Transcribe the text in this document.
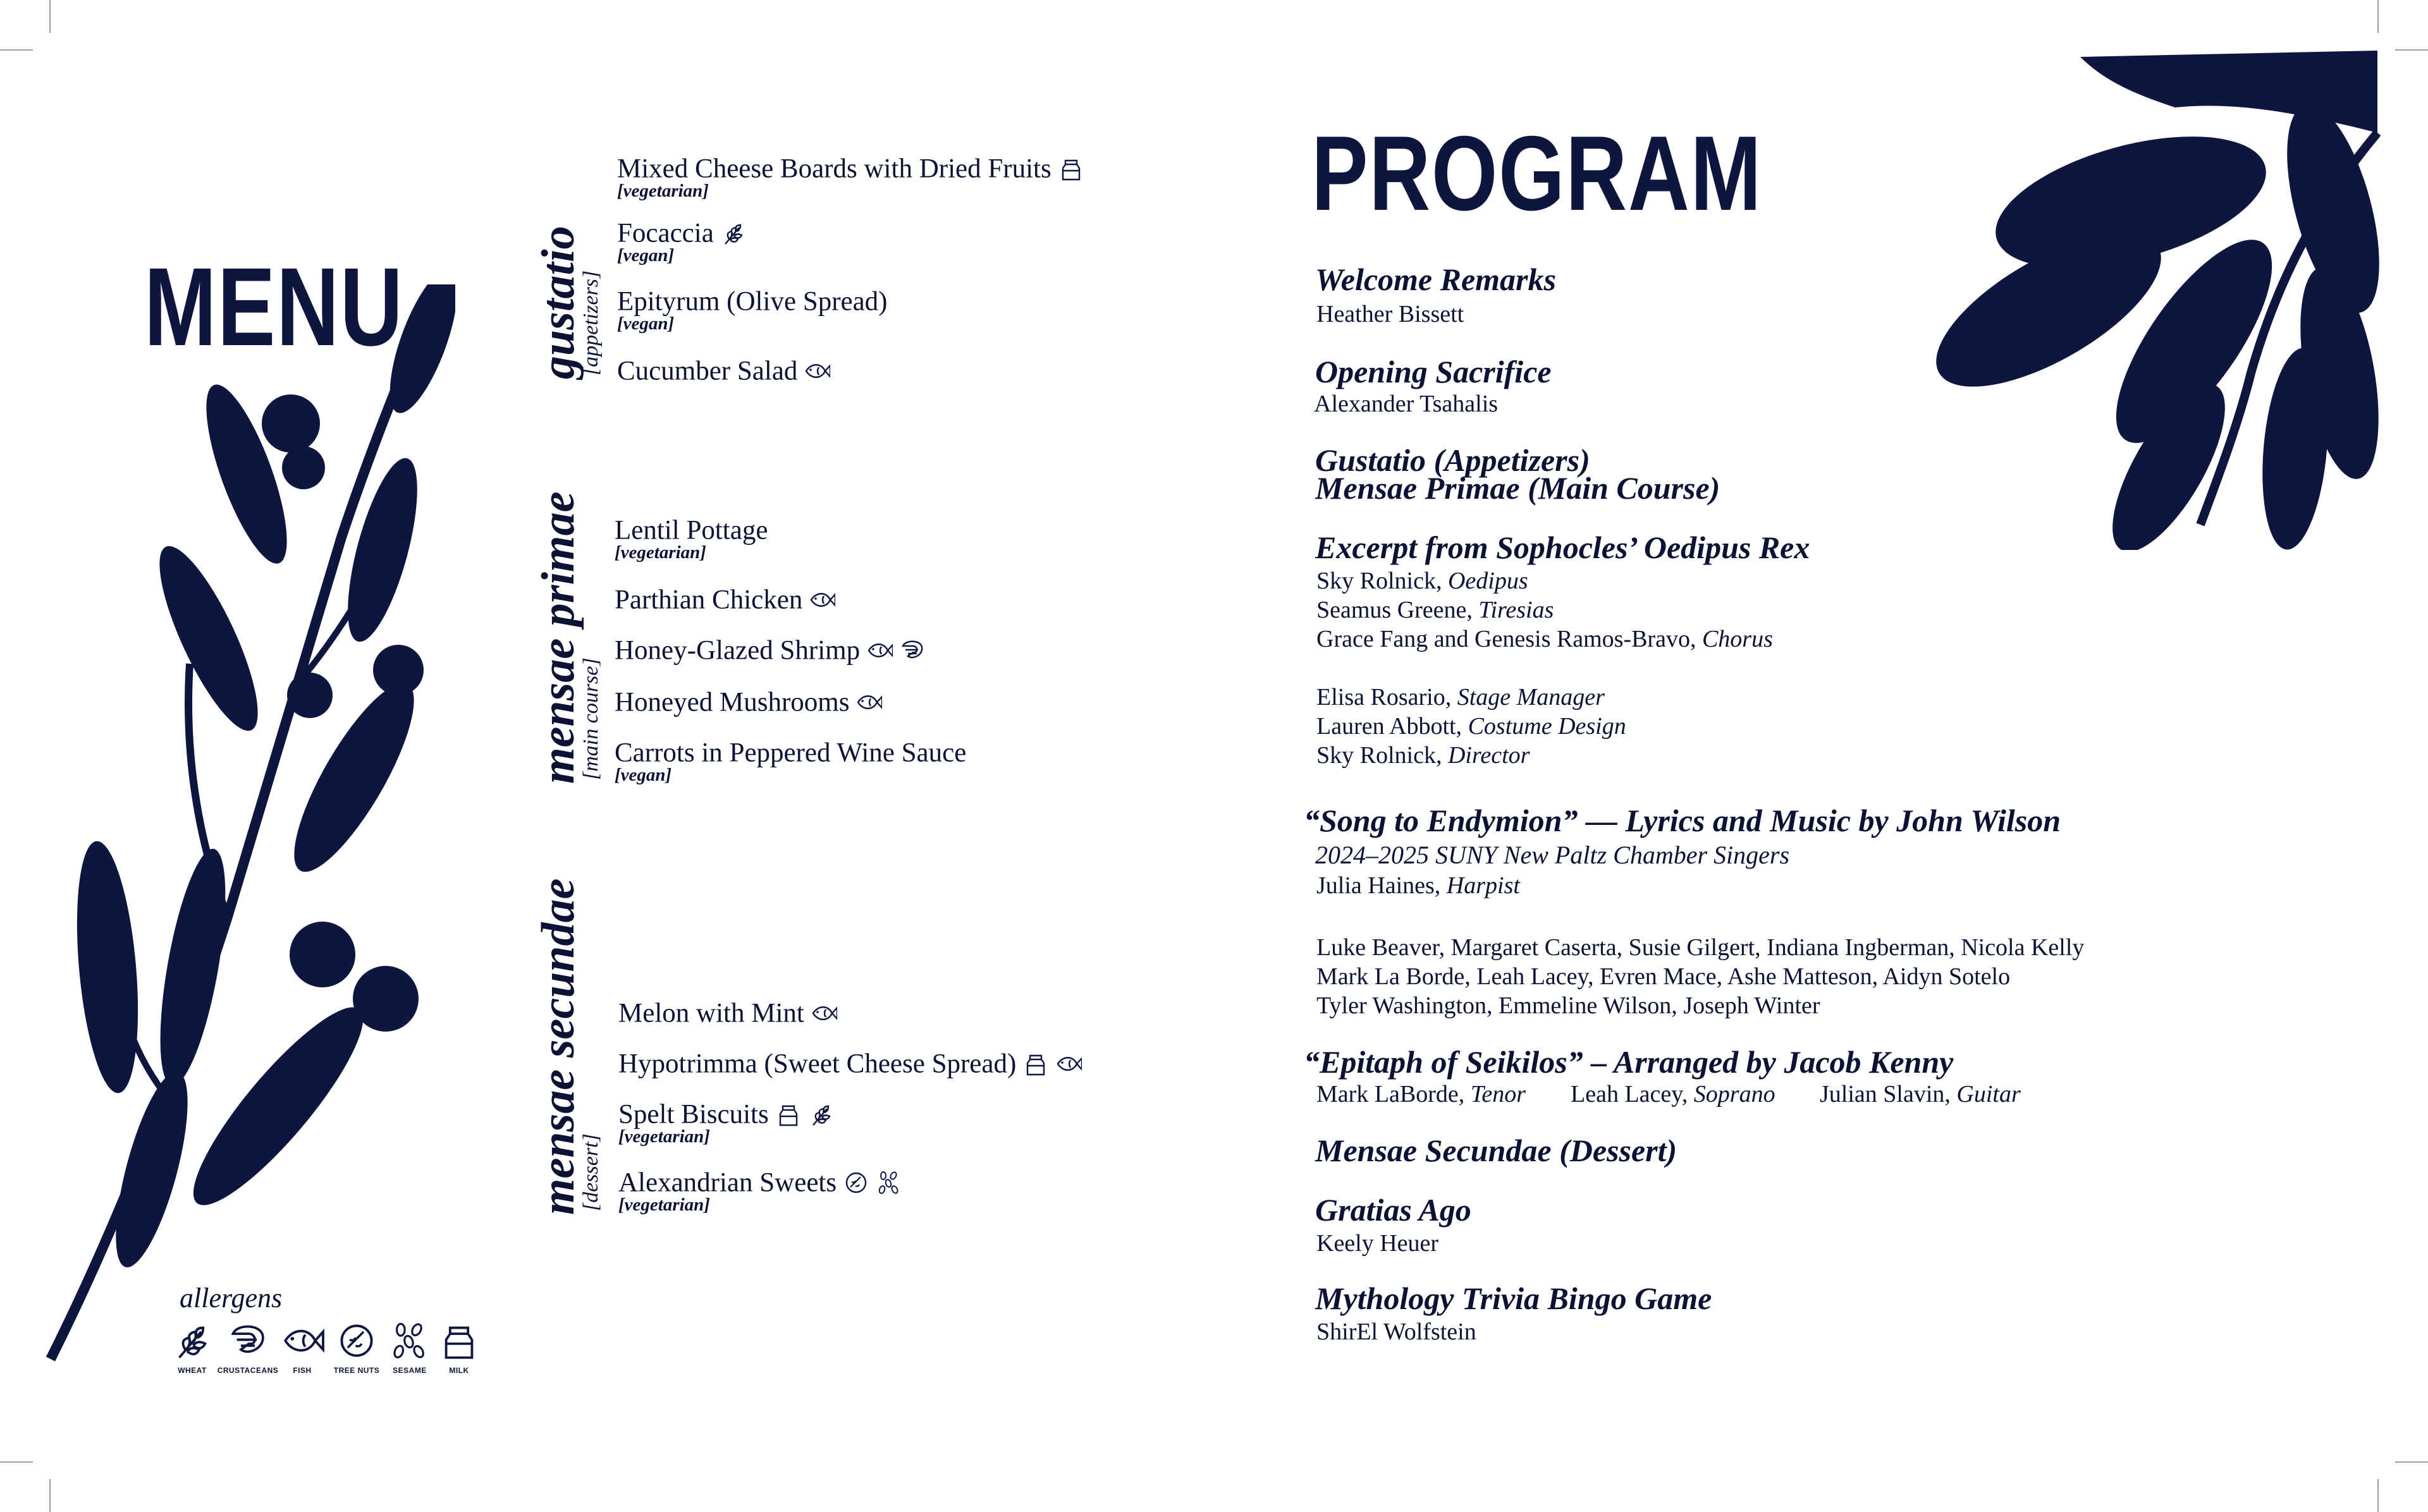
MENU	gustatio
[appetizers]
mensae primae
[main course]
mensae secundae
[dessert]
Mixed Cheese Boards with Dried Fruits
[vegetarian]
Focaccia
[vegan]
Epityrum (Olive Spread)
[vegan]
Cucumber Salad
Lentil Pottage
[vegetarian]
Parthian Chicken
Honey-Glazed Shrimp
Honeyed Mushrooms
Carrots in Peppered Wine Sauce
[vegan]
Melon with Mint
Hypotrimma (Sweet Cheese Spread)
Spelt Biscuits
[vegetarian]
Alexandrian Sweets
[vegetarian]
allergens
WHEAT	CRUSTACEANS	FISH	TREE NUTS	SESAME	MILK
PROGRAM
Welcome Remarks
Heather Bissett
Opening Sacrifice
Alexander Tsahalis
Gustatio (Appetizers)
Mensae Primae (Main Course)
Excerpt from Sophocles’ Oedipus Rex
Sky Rolnick, Oedipus
Seamus Greene, Tiresias
Grace Fang and Genesis Ramos-Bravo, Chorus
Elisa Rosario, Stage Manager
Lauren Abbott, Costume Design
Sky Rolnick, Director
“Song to Endymion” — Lyrics and Music by John Wilson
2024–2025 SUNY New Paltz Chamber Singers
Julia Haines, Harpist
Luke Beaver, Margaret Caserta, Susie Gilgert, Indiana Ingberman, Nicola Kelly
Mark La Borde, Leah Lacey, Evren Mace, Ashe Matteson, Aidyn Sotelo
Tyler Washington, Emmeline Wilson, Joseph Winter
“Epitaph of Seikilos” – Arranged by Jacob Kenny
Mark LaBorde, Tenor Leah Lacey, Soprano Julian Slavin, Guitar
Mensae Secundae (Dessert)
Gratias Ago
Keely Heuer
Mythology Trivia Bingo Game
ShirEl Wolfstein
